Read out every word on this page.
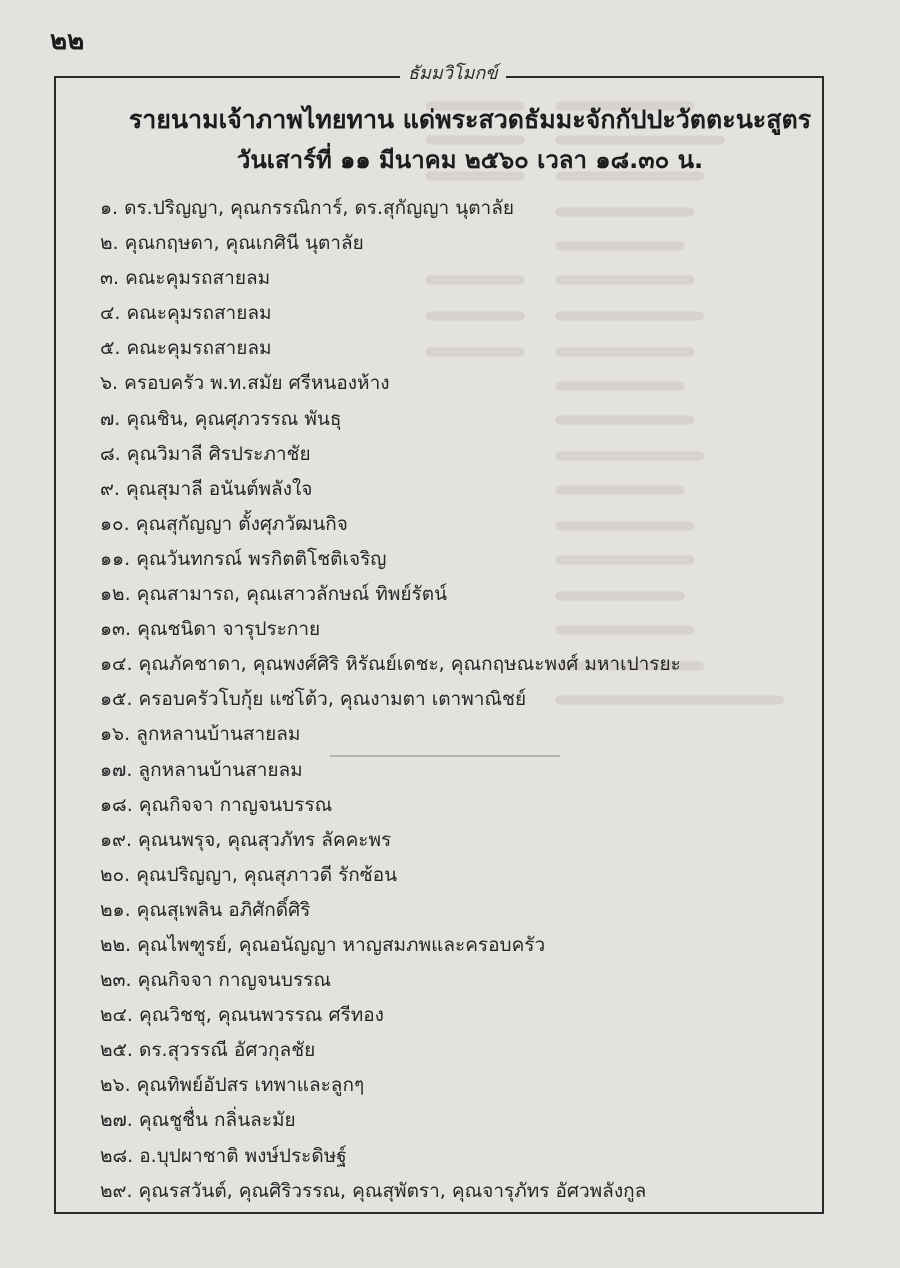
๒๒
ธัมมวิโมกข์
รายนามเจ้าภาพไทยทาน แด่พระสวดธัมมะจักกัปปะวัตตะนะสูตร
วันเสาร์ที่ ๑๑ มีนาคม ๒๕๖๐ เวลา ๑๘.๓๐ น.
๑. ดร.ปริญญา, คุณกรรณิการ์, ดร.สุกัญญา นุตาลัย
๒. คุณกฤษดา, คุณเกศินี นุตาลัย
๓. คณะคุมรถสายลม
๔. คณะคุมรถสายลม
๕. คณะคุมรถสายลม
๖. ครอบครัว พ.ท.สมัย ศรีหนองห้าง
๗. คุณชิน, คุณศุภวรรณ พันธุ
๘. คุณวิมาลี ศิรประภาชัย
๙. คุณสุมาลี อนันต์พลังใจ
๑๐. คุณสุกัญญา ตั้งศุภวัฒนกิจ
๑๑. คุณวันทกรณ์ พรกิตติโชติเจริญ
๑๒. คุณสามารถ, คุณเสาวลักษณ์ ทิพย์รัตน์
๑๓. คุณชนิดา จารุประกาย
๑๔. คุณภัคชาดา, คุณพงศ์ศิริ หิรัณย์เดชะ, คุณกฤษณะพงศ์ มหาเปารยะ
๑๕. ครอบครัวโบกุ้ย แซ่โต้ว, คุณงามตา เตาพาณิชย์
๑๖. ลูกหลานบ้านสายลม
๑๗. ลูกหลานบ้านสายลม
๑๘. คุณกิจจา กาญจนบรรณ
๑๙. คุณนพรุจ, คุณสุวภัทร ลัคคะพร
๒๐. คุณปริญญา, คุณสุภาวดี รักซ้อน
๒๑. คุณสุเพลิน อภิศักดิ์ศิริ
๒๒. คุณไพฑูรย์, คุณอนัญญา หาญสมภพและครอบครัว
๒๓. คุณกิจจา กาญจนบรรณ
๒๔. คุณวิชชุ, คุณนพวรรณ ศรีทอง
๒๕. ดร.สุวรรณี อัศวกุลชัย
๒๖. คุณทิพย์อัปสร เทพาและลูกๆ
๒๗. คุณชูชื่น กลิ่นละมัย
๒๘. อ.บุปผาชาติ พงษ์ประดิษฐ์
๒๙. คุณรสวันต์, คุณศิริวรรณ, คุณสุพัตรา, คุณจารุภัทร อัศวพลังกูล
